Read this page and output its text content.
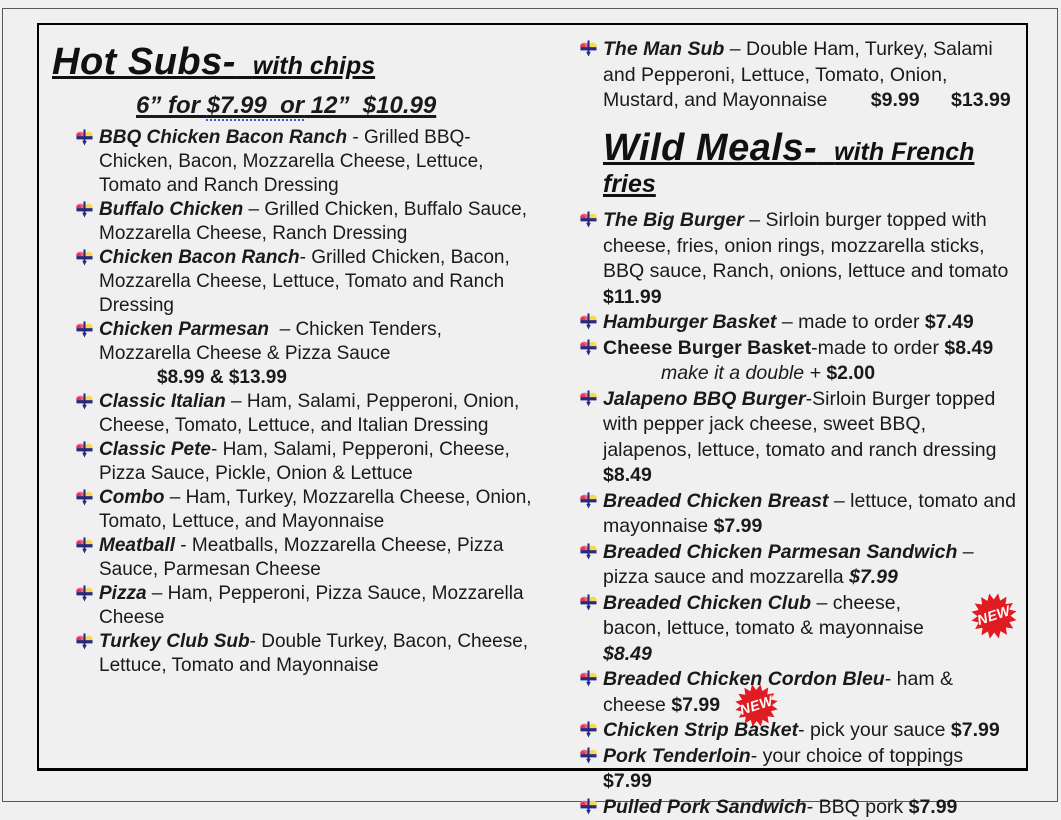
Hot Subs- with chips
6” for $7.99  or 12”  $10.99
BBQ Chicken Bacon Ranch - Grilled BBQ-Chicken, Bacon, Mozzarella Cheese, Lettuce, Tomato and Ranch Dressing
Buffalo Chicken – Grilled Chicken, Buffalo Sauce, Mozzarella Cheese, Ranch Dressing
Chicken Bacon Ranch- Grilled Chicken, Bacon, Mozzarella Cheese, Lettuce, Tomato and Ranch Dressing
Chicken Parmesan  – Chicken Tenders, Mozzarella Cheese & Pizza Sauce
$8.99 & $13.99
Classic Italian – Ham, Salami, Pepperoni, Onion, Cheese, Tomato, Lettuce, and Italian Dressing
Classic Pete- Ham, Salami, Pepperoni, Cheese, Pizza Sauce, Pickle, Onion & Lettuce
Combo – Ham, Turkey, Mozzarella Cheese, Onion, Tomato, Lettuce, and Mayonnaise
Meatball - Meatballs, Mozzarella Cheese, Pizza Sauce, Parmesan Cheese
Pizza – Ham, Pepperoni, Pizza Sauce, Mozzarella Cheese
Turkey Club Sub- Double Turkey, Bacon, Cheese, Lettuce, Tomato and Mayonnaise
The Man Sub – Double Ham, Turkey, Salami and Pepperoni, Lettuce, Tomato, Onion, Mustard, and Mayonnaise $9.99 $13.99
Wild Meals- with French fries
The Big Burger – Sirloin burger topped with cheese, fries, onion rings, mozzarella sticks, BBQ sauce, Ranch, onions, lettuce and tomato $11.99
Hamburger Basket – made to order $7.49
Cheese Burger Basket-made to order $8.49
make it a double + $2.00
Jalapeno BBQ Burger-Sirloin Burger topped with pepper jack cheese, sweet BBQ, jalapenos, lettuce, tomato and ranch dressing $8.49
Breaded Chicken Breast – lettuce, tomato and mayonnaise $7.99
Breaded Chicken Parmesan Sandwich –  pizza sauce and mozzarella $7.99
Breaded Chicken Club – cheese, bacon, lettuce, tomato & mayonnaise $8.49
NEW
Breaded Chicken Cordon Bleu- ham & cheese $7.99	NEW
Chicken Strip Basket- pick your sauce $7.99
Pork Tenderloin- your choice of toppings $7.99
Pulled Pork Sandwich- BBQ pork $7.99
